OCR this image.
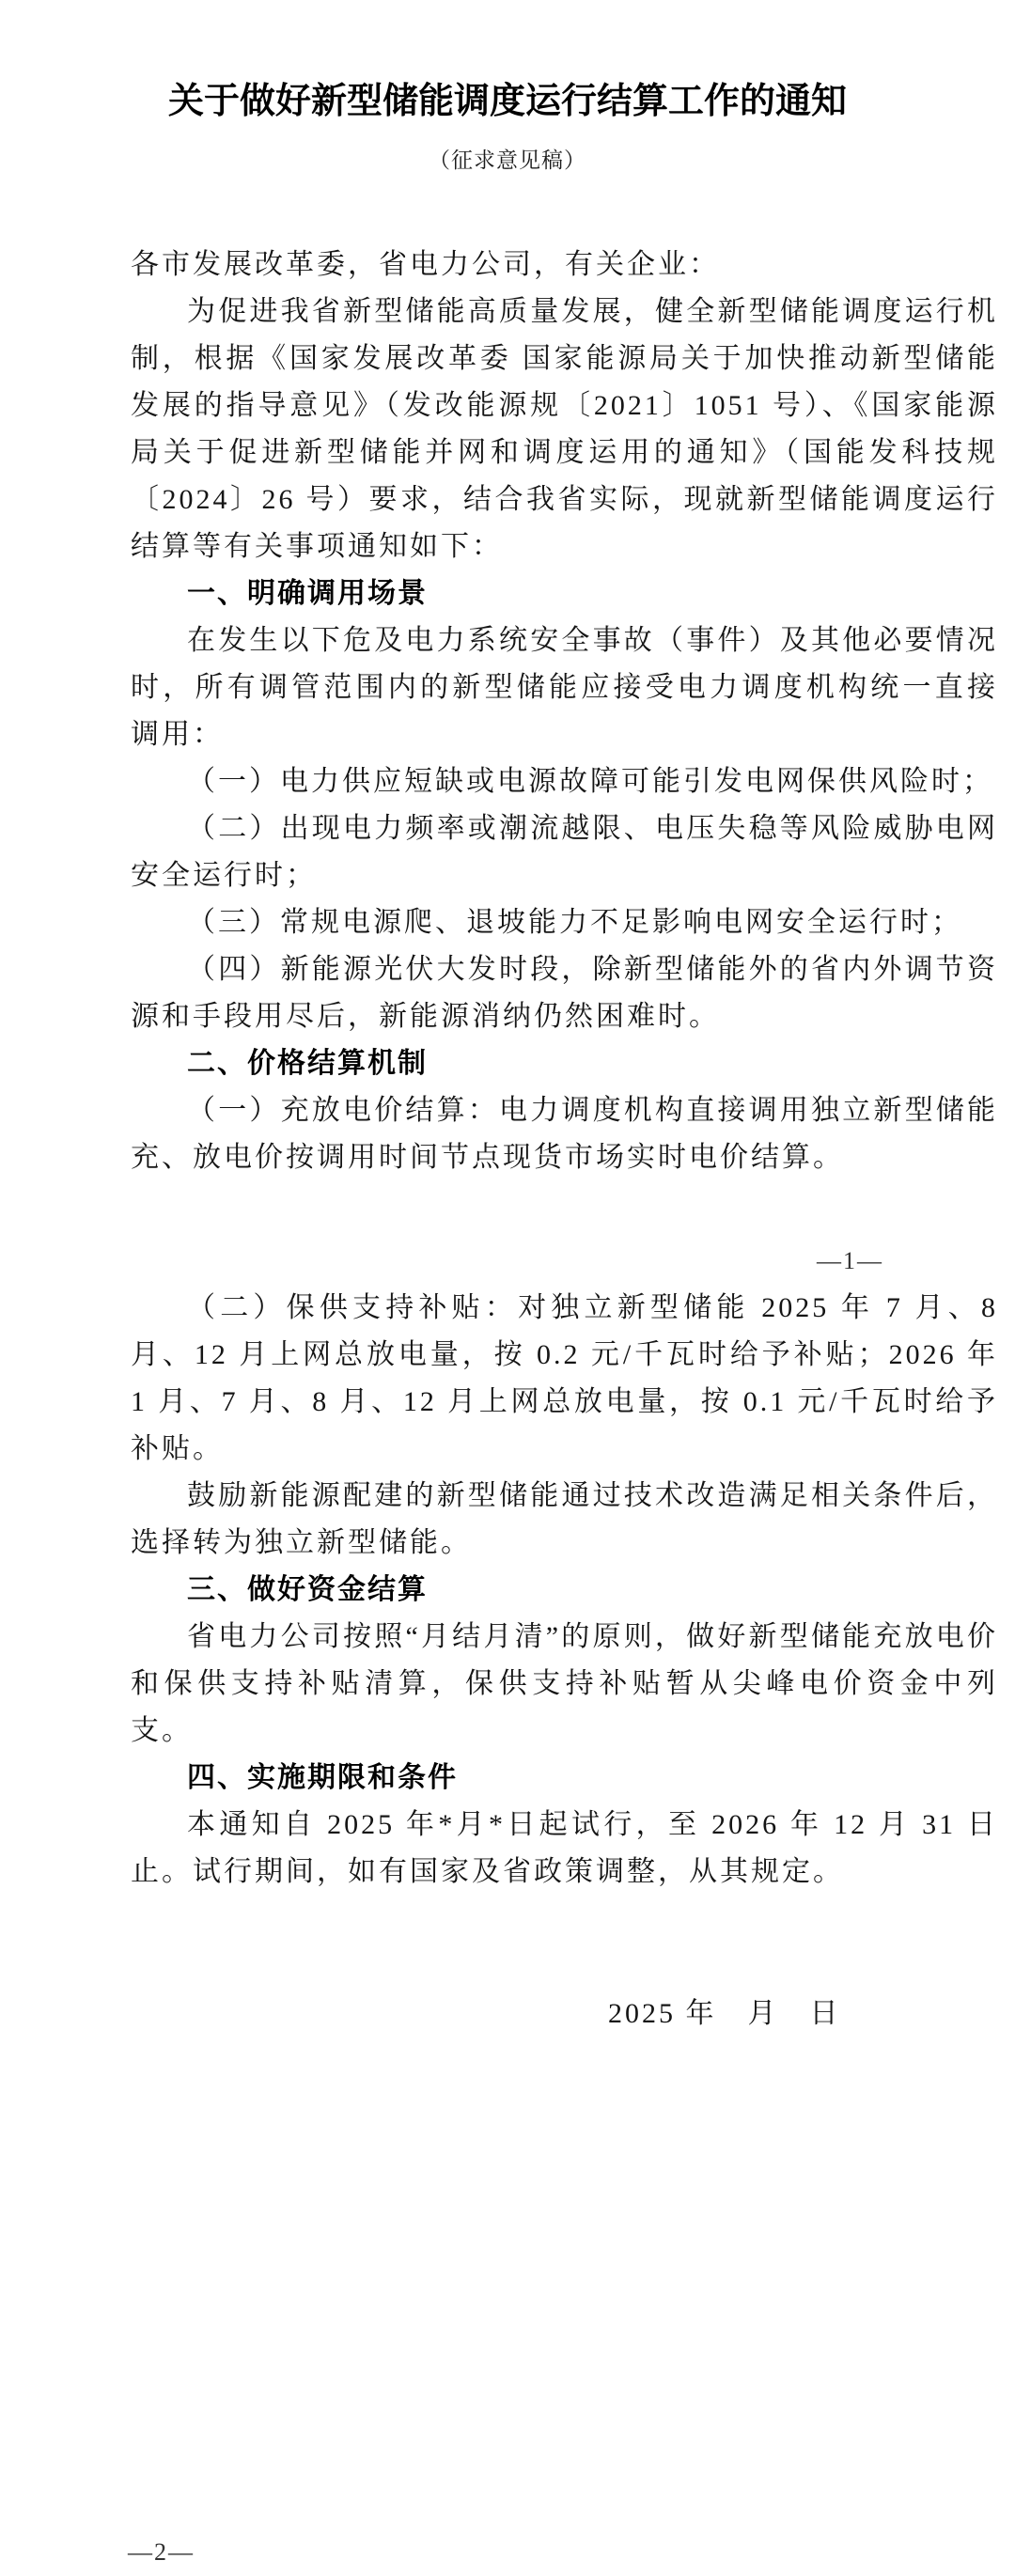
关于做好新型储能调度运行结算工作的通知
（征求意见稿）

各市发展改革委，省电力公司，有关企业：

为促进我省新型储能高质量发展，健全新型储能调度运行机制，根据《国家发展改革委 国家能源局关于加快推动新型储能发展的指导意见》（发改能源规〔2021〕1051 号）、《国家能源局关于促进新型储能并网和调度运用的通知》（国能发科技规〔2024〕26 号）要求，结合我省实际，现就新型储能调度运行结算等有关事项通知如下：

一、明确调用场景

在发生以下危及电力系统安全事故（事件）及其他必要情况时，所有调管范围内的新型储能应接受电力调度机构统一直接调用：

（一）电力供应短缺或电源故障可能引发电网保供风险时；

（二）出现电力频率或潮流越限、电压失稳等风险威胁电网安全运行时；

（三）常规电源爬、退坡能力不足影响电网安全运行时；

（四）新能源光伏大发时段，除新型储能外的省内外调节资源和手段用尽后，新能源消纳仍然困难时。

二、价格结算机制

（一）充放电价结算：电力调度机构直接调用独立新型储能充、放电价按调用时间节点现货市场实时电价结算。

—1—

（二）保供支持补贴：对独立新型储能 2025 年 7 月、8 月、12 月上网总放电量，按 0.2 元/千瓦时给予补贴；2026 年 1 月、7 月、8 月、12 月上网总放电量，按 0.1 元/千瓦时给予补贴。

鼓励新能源配建的新型储能通过技术改造满足相关条件后，选择转为独立新型储能。

三、做好资金结算

省电力公司按照“月结月清”的原则，做好新型储能充放电价和保供支持补贴清算，保供支持补贴暂从尖峰电价资金中列支。

四、实施期限和条件

本通知自 2025 年*月*日起试行，至 2026 年 12 月 31 日止。试行期间，如有国家及省政策调整，从其规定。

2025 年　月　日
—2—
